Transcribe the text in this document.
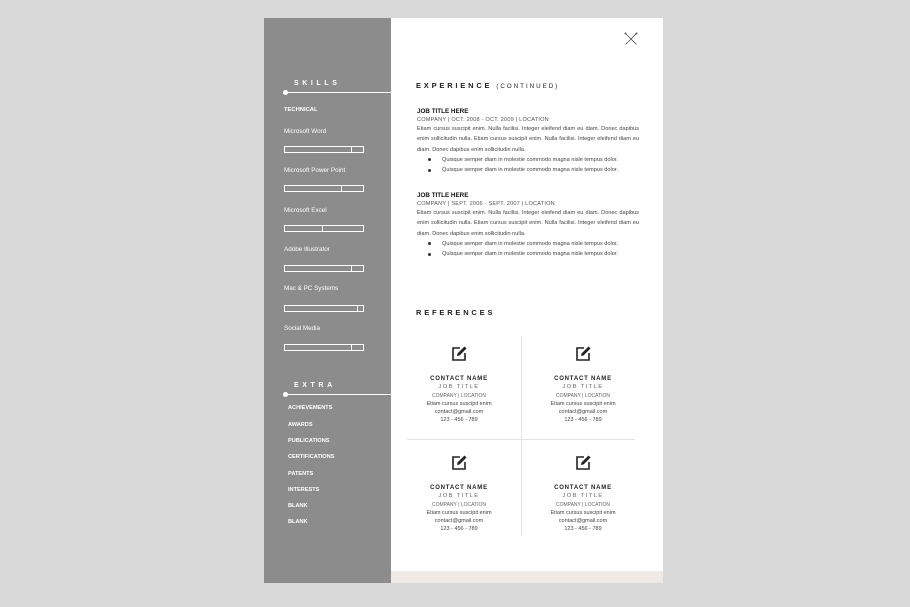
SKILLS
TECHNICAL
Microsoft Word
Microsoft Power Point
Microsoft Excel
Adobe Illustrator
Mac & PC Systems
Social Media
EXTRA
ACHIEVEMENTS
AWARDS
PUBLICATIONS
CERTIFICATIONS
PATENTS
INTERESTS
BLANK
BLANK
EXPERIENCE (CONTINUED)
JOB TITLE HERE
COMPANY | OCT. 2008 - OCT. 2009 | LOCATION
Etiam cursus suscipit enim. Nulla facilisi. Integer eleifend diam eu diam. Donec dapibus enim sollicitudin nulla. Etiam cursus suscipit enim. Nulla facilisi. Integer eleifend diam eu diam. Donec dapibus enim sollicitudin nulla.
Quisque semper diam in molestie commodo magna nisle tempus dolor.
Quisque semper diam in molestie commodo magna nisle tempus dolor.
JOB TITLE HERE
COMPANY | SEPT. 2006 - SEPT. 2007 | LOCATION
Etiam cursus suscipit enim. Nulla facilisi. Integer eleifend diam eu diam. Donec dapibus enim sollicitudin nulla. Etiam cursus suscipit enim. Nulla facilisi. Integer eleifend diam eu diam. Donec dapibus enim sollicitudin nulla.
Quisque semper diam in molestie commodo magna nisle tempus dolor.
Quisque semper diam in molestie commodo magna nisle tempus dolor.
REFERENCES
CONTACT NAME
JOB TITLE
COMPANY | LOCATION
Etiam cursus suscipit enim
contact@gmail.com
123 - 456 - 789
CONTACT NAME
JOB TITLE
COMPANY | LOCATION
Etiam cursus suscipit enim
contact@gmail.com
123 - 456 - 789
CONTACT NAME
JOB TITLE
COMPANY | LOCATION
Etiam cursus suscipit enim
contact@gmail.com
123 - 456 - 789
CONTACT NAME
JOB TITLE
COMPANY | LOCATION
Etiam cursus suscipit enim
contact@gmail.com
123 - 456 - 789
